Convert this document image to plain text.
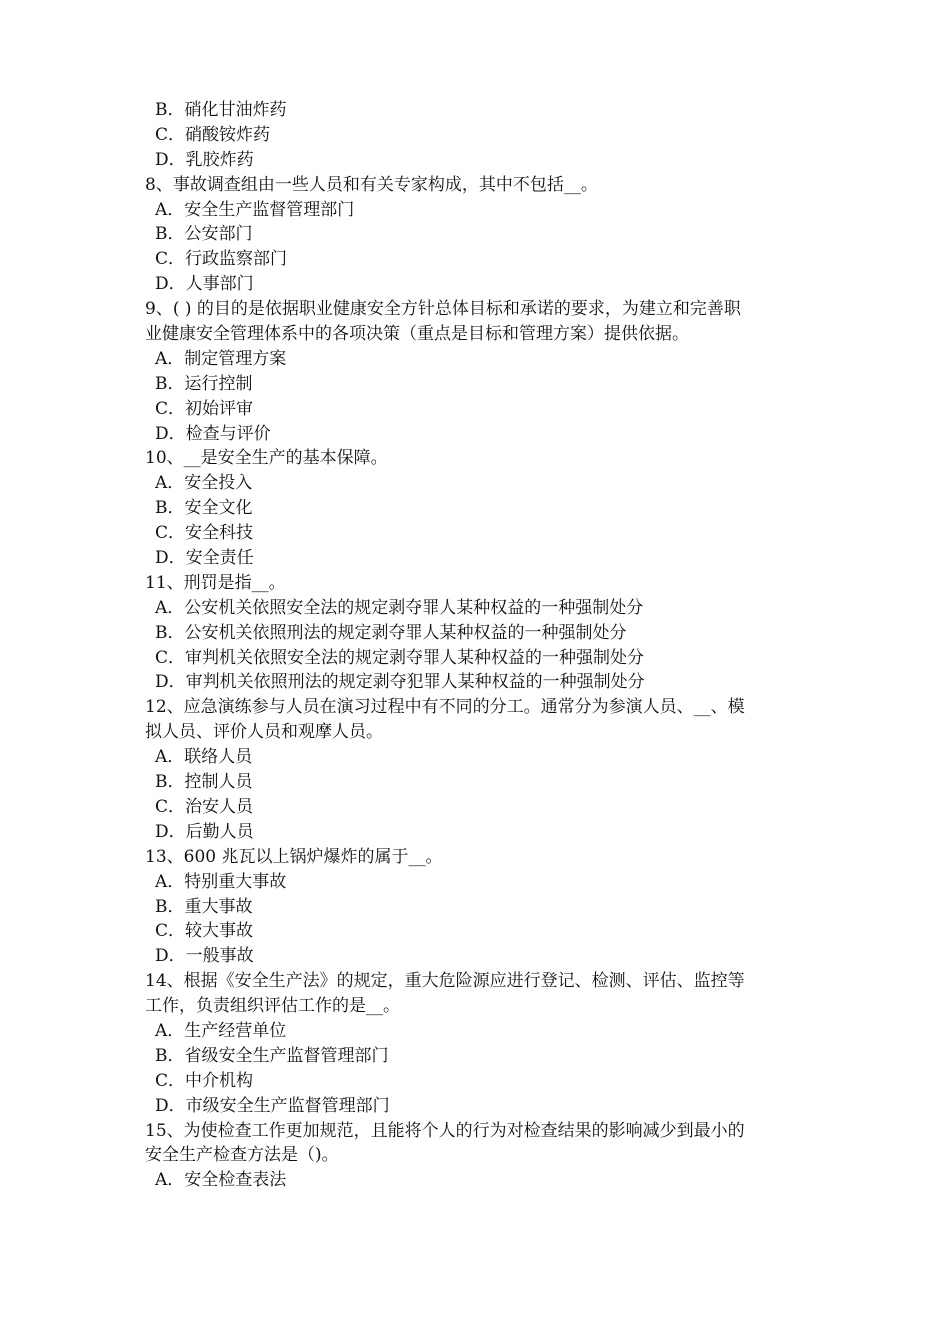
B．硝化甘油炸药
C．硝酸铵炸药
D．乳胶炸药
8、事故调查组由一些人员和有关专家构成，其中不包括__。
A．安全生产监督管理部门
B．公安部门
C．行政监察部门
D．人事部门
9、( ) 的目的是依据职业健康安全方针总体目标和承诺的要求，为建立和完善职
业健康安全管理体系中的各项决策（重点是目标和管理方案）提供依据。
A．制定管理方案
B．运行控制
C．初始评审
D．检查与评价
10、__是安全生产的基本保障。
A．安全投入
B．安全文化
C．安全科技
D．安全责任
11、刑罚是指__。
A．公安机关依照安全法的规定剥夺罪人某种权益的一种强制处分
B．公安机关依照刑法的规定剥夺罪人某种权益的一种强制处分
C．审判机关依照安全法的规定剥夺罪人某种权益的一种强制处分
D．审判机关依照刑法的规定剥夺犯罪人某种权益的一种强制处分
12、应急演练参与人员在演习过程中有不同的分工。通常分为参演人员、__、模
拟人员、评价人员和观摩人员。
A．联络人员
B．控制人员
C．治安人员
D．后勤人员
13、600 兆瓦以上锅炉爆炸的属于__。
A．特别重大事故
B．重大事故
C．较大事故
D．一般事故
14、根据《安全生产法》的规定，重大危险源应进行登记、检测、评估、监控等
工作，负责组织评估工作的是__。
A．生产经营单位
B．省级安全生产监督管理部门
C．中介机构
D．市级安全生产监督管理部门
15、为使检查工作更加规范，且能将个人的行为对检查结果的影响减少到最小的
安全生产检查方法是（)。
A．安全检查表法
